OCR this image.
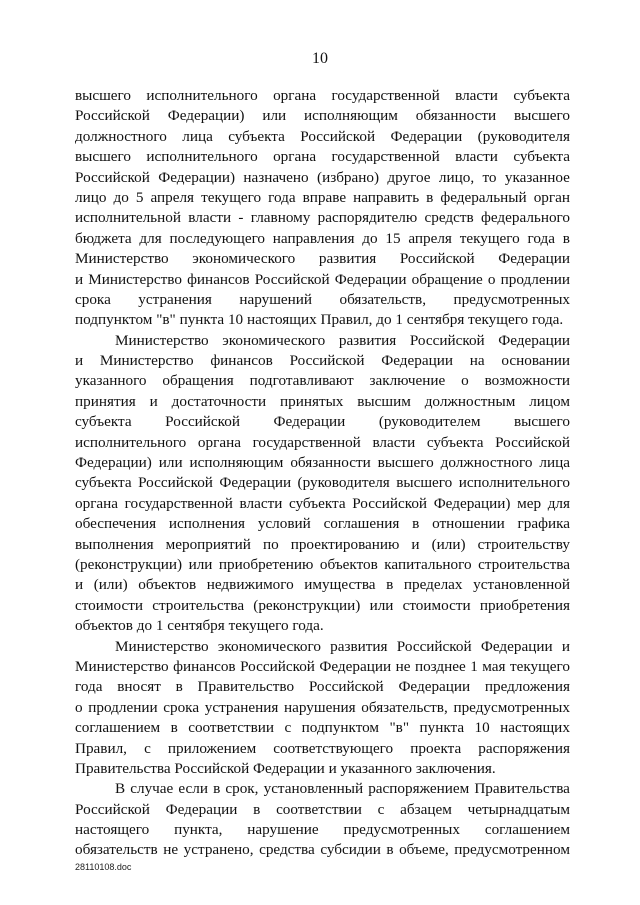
10
высшего исполнительного органа государственной власти субъекта
Российской Федерации) или исполняющим обязанности высшего
должностного лица субъекта Российской Федерации (руководителя
высшего исполнительного органа государственной власти субъекта
Российской Федерации) назначено (избрано) другое лицо, то указанное
лицо до 5 апреля текущего года вправе направить в федеральный орган
исполнительной власти - главному распорядителю средств федерального
бюджета для последующего направления до 15 апреля текущего года в
Министерство экономического развития Российской Федерации
и Министерство финансов Российской Федерации обращение о продлении
срока устранения нарушений обязательств, предусмотренных
подпунктом "в" пункта 10 настоящих Правил, до 1 сентября текущего года.
Министерство экономического развития Российской Федерации
и Министерство финансов Российской Федерации на основании
указанного обращения подготавливают заключение о возможности
принятия и достаточности принятых высшим должностным лицом
субъекта Российской Федерации (руководителем высшего
исполнительного органа государственной власти субъекта Российской
Федерации) или исполняющим обязанности высшего должностного лица
субъекта Российской Федерации (руководителя высшего исполнительного
органа государственной власти субъекта Российской Федерации) мер для
обеспечения исполнения условий соглашения в отношении графика
выполнения мероприятий по проектированию и (или) строительству
(реконструкции) или приобретению объектов капитального строительства
и (или) объектов недвижимого имущества в пределах установленной
стоимости строительства (реконструкции) или стоимости приобретения
объектов до 1 сентября текущего года.
Министерство экономического развития Российской Федерации и
Министерство финансов Российской Федерации не позднее 1 мая текущего
года вносят в Правительство Российской Федерации предложения
о продлении срока устранения нарушения обязательств, предусмотренных
соглашением в соответствии с подпунктом "в" пункта 10 настоящих
Правил, с приложением соответствующего проекта распоряжения
Правительства Российской Федерации и указанного заключения.
В случае если в срок, установленный распоряжением Правительства
Российской Федерации в соответствии с абзацем четырнадцатым
настоящего пункта, нарушение предусмотренных соглашением
обязательств не устранено, средства субсидии в объеме, предусмотренном
28110108.doc
